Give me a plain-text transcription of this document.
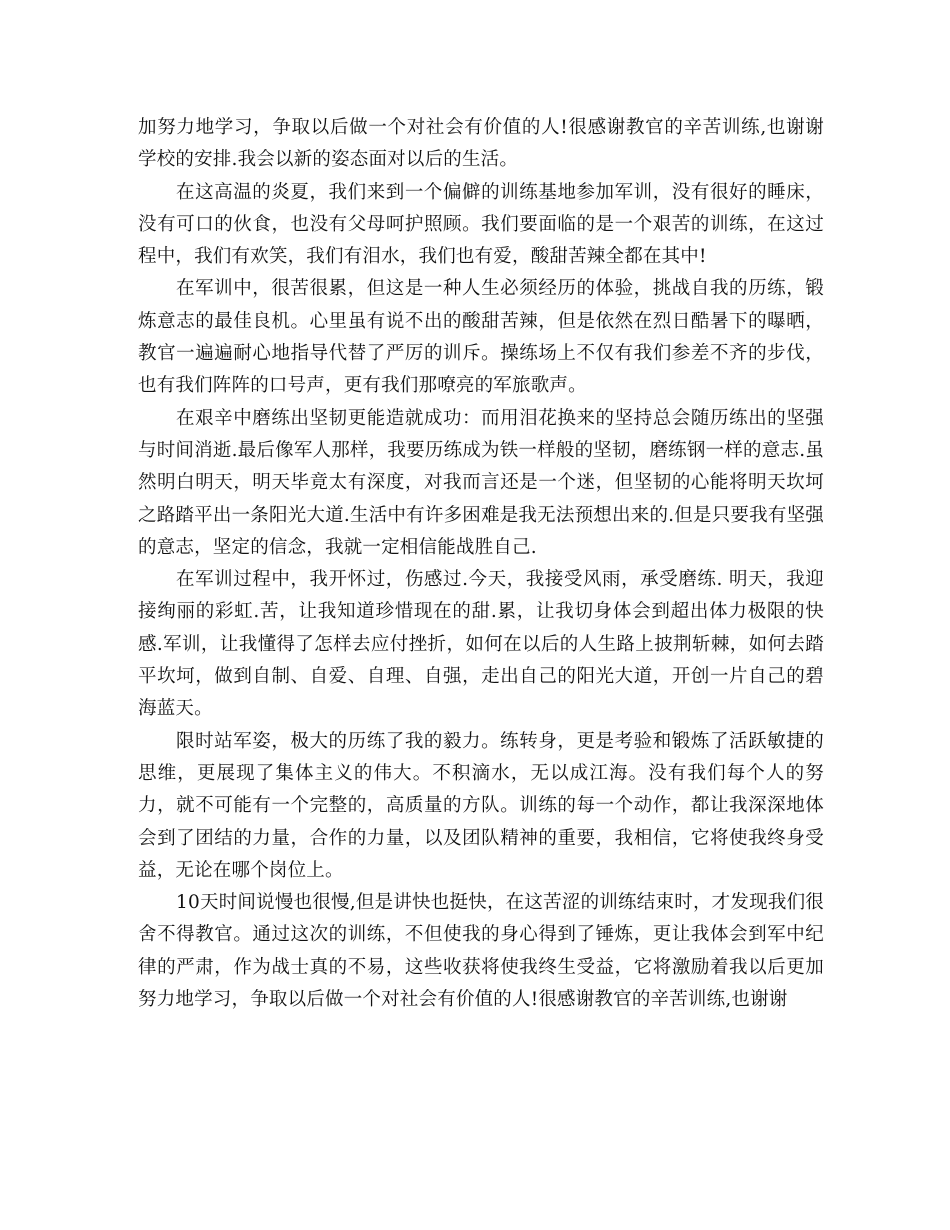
加努力地学习，争取以后做一个对社会有价值的人!很感谢教官的辛苦训练,也谢谢学校的安排.我会以新的姿态面对以后的生活。

在这高温的炎夏，我们来到一个偏僻的训练基地参加军训，没有很好的睡床，没有可口的伙食，也没有父母呵护照顾。我们要面临的是一个艰苦的训练，在这过程中，我们有欢笑，我们有泪水，我们也有爱，酸甜苦辣全都在其中!

在军训中，很苦很累，但这是一种人生必须经历的体验，挑战自我的历练，锻炼意志的最佳良机。心里虽有说不出的酸甜苦辣，但是依然在烈日酷暑下的曝晒，教官一遍遍耐心地指导代替了严厉的训斥。操练场上不仅有我们参差不齐的步伐，也有我们阵阵的口号声，更有我们那嘹亮的军旅歌声。

在艰辛中磨练出坚韧更能造就成功：而用泪花换来的坚持总会随历练出的坚强与时间消逝.最后像军人那样，我要历练成为铁一样般的坚韧，磨练钢一样的意志.虽然明白明天，明天毕竟太有深度，对我而言还是一个迷，但坚韧的心能将明天坎坷之路踏平出一条阳光大道.生活中有许多困难是我无法预想出来的.但是只要我有坚强的意志，坚定的信念，我就一定相信能战胜自己.

在军训过程中，我开怀过，伤感过.今天，我接受风雨，承受磨练. 明天，我迎接绚丽的彩虹.苦，让我知道珍惜现在的甜.累，让我切身体会到超出体力极限的快感.军训，让我懂得了怎样去应付挫折，如何在以后的人生路上披荆斩棘，如何去踏平坎坷，做到自制、自爱、自理、自强，走出自己的阳光大道，开创一片自己的碧海蓝天。

限时站军姿，极大的历练了我的毅力。练转身，更是考验和锻炼了活跃敏捷的思维，更展现了集体主义的伟大。不积滴水，无以成江海。没有我们每个人的努力，就不可能有一个完整的，高质量的方队。训练的每一个动作，都让我深深地体会到了团结的力量，合作的力量，以及团队精神的重要，我相信，它将使我终身受益，无论在哪个岗位上。

10天时间说慢也很慢,但是讲快也挺快，在这苦涩的训练结束时，才发现我们很舍不得教官。通过这次的训练，不但使我的身心得到了锤炼，更让我体会到军中纪律的严肃，作为战士真的不易，这些收获将使我终生受益，它将激励着我以后更加努力地学习，争取以后做一个对社会有价值的人!很感谢教官的辛苦训练,也谢谢
